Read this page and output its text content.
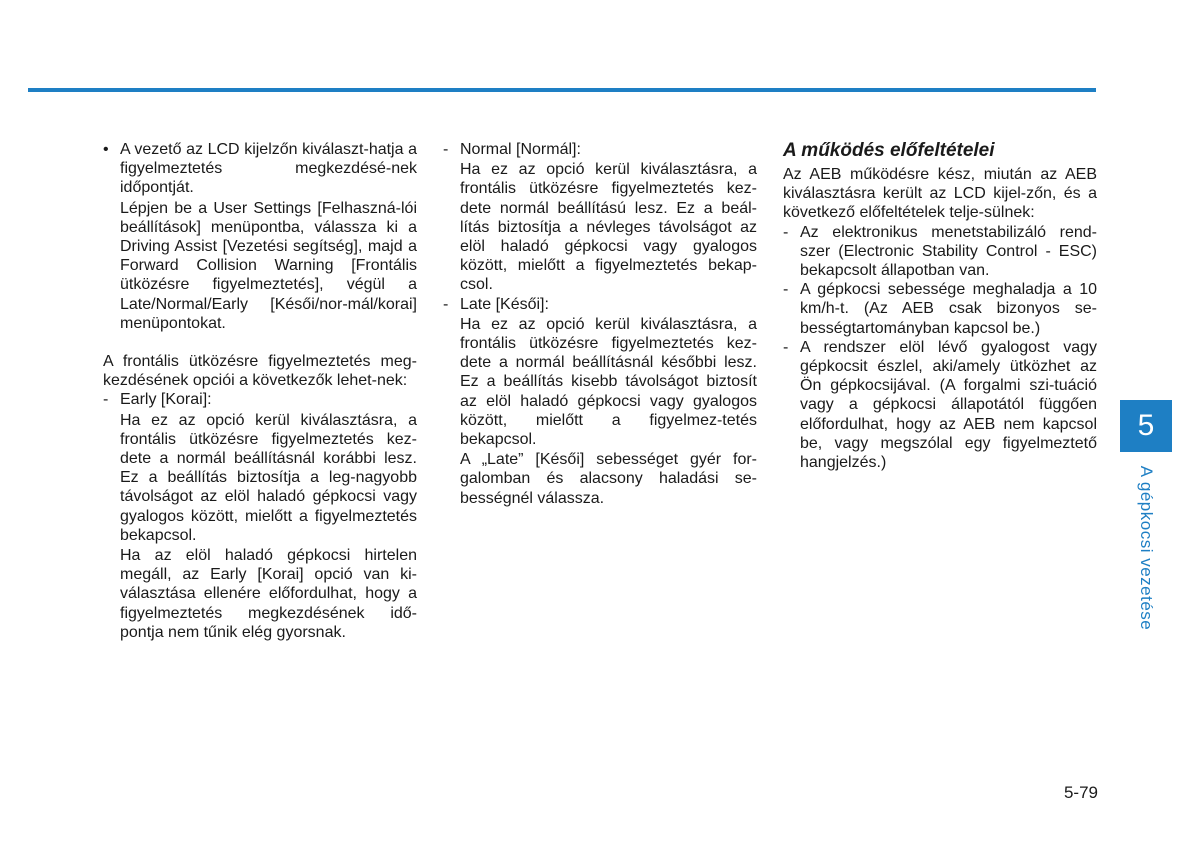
• A vezető az LCD kijelzőn kiválaszt-hatja a figyelmeztetés megkezdésé-nek időpontját.

Lépjen be a User Settings [Felhaszná-lói beállítások] menüpontba, válassza ki a Driving Assist [Vezetési segítség], majd a Forward Collision Warning [Frontális ütközésre figyelmeztetés], végül a Late/Normal/Early [Késői/nor-mál/korai] menüpontokat.

A frontális ütközésre figyelmeztetés meg-kezdésének opciói a következők lehet-nek:

- Early [Korai]:

Ha ez az opció kerül kiválasztásra, a frontális ütközésre figyelmeztetés kez-dete a normál beállításnál korábbi lesz. Ez a beállítás biztosítja a leg-nagyobb távolságot az elöl haladó gépkocsi vagy gyalogos között, mielőtt a figyelmeztetés bekapcsol.

Ha az elöl haladó gépkocsi hirtelen megáll, az Early [Korai] opció van ki-választása ellenére előfordulhat, hogy a figyelmeztetés megkezdésének idő-pontja nem tűnik elég gyorsnak.

- Normal [Normál]:

Ha ez az opció kerül kiválasztásra, a frontális ütközésre figyelmeztetés kez-dete normál beállítású lesz. Ez a beál-lítás biztosítja a névleges távolságot az elöl haladó gépkocsi vagy gyalogos között, mielőtt a figyelmeztetés bekap-csol.

- Late [Késői]:

Ha ez az opció kerül kiválasztásra, a frontális ütközésre figyelmeztetés kez-dete a normál beállításnál későbbi lesz. Ez a beállítás kisebb távolságot biztosít az elöl haladó gépkocsi vagy gyalogos között, mielőtt a figyelmez-tetés bekapcsol.

A „Late” [Késői] sebességet gyér for-galomban és alacsony haladási se-bességnél válassza.

A működés előfeltételei

Az AEB működésre kész, miután az AEB kiválasztásra került az LCD kijel-zőn, és a következő előfeltételek telje-sülnek:

- Az elektronikus menetstabilizáló rend-szer (Electronic Stability Control - ESC) bekapcsolt állapotban van.

- A gépkocsi sebessége meghaladja a 10 km/h-t. (Az AEB csak bizonyos se-bességtartományban kapcsol be.)

- A rendszer elöl lévő gyalogost vagy gépkocsit észlel, aki/amely ütközhet az Ön gépkocsijával. (A forgalmi szi-tuáció vagy a gépkocsi állapotától függően előfordulhat, hogy az AEB nem kapcsol be, vagy megszólal egy figyelmeztető hangjelzés.)

5
A gépkocsi vezetése
5-79
